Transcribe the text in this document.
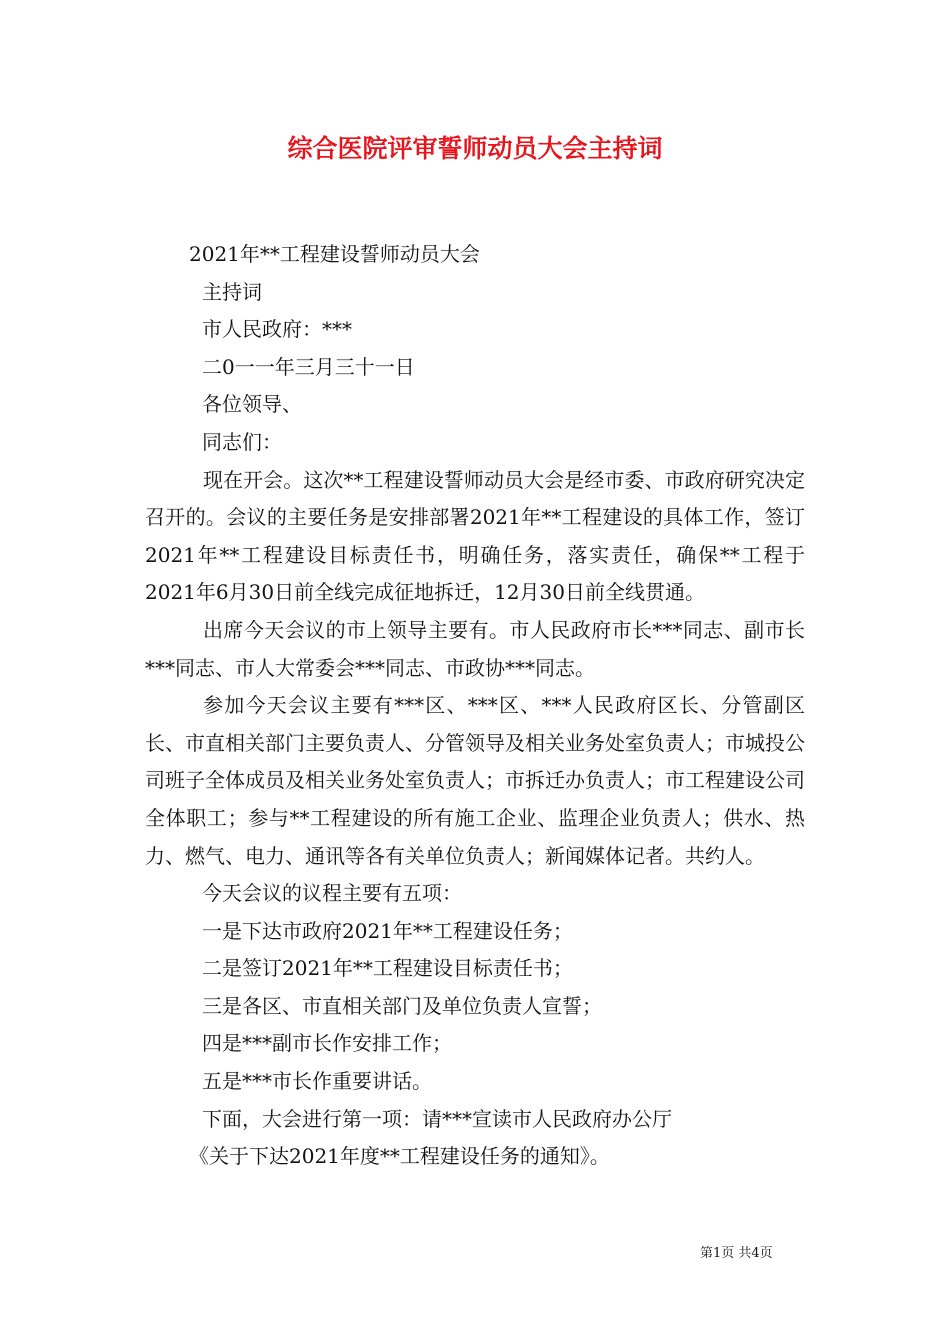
综合医院评审誓师动员大会主持词

2021年**工程建设誓师动员大会

主持词

市人民政府：***

二0一一年三月三十一日

各位领导、

同志们：

现在开会。这次**工程建设誓师动员大会是经市委、市政府研究决定召开的。会议的主要任务是安排部署2021年**工程建设的具体工作，签订2021年**工程建设目标责任书，明确任务，落实责任，确保**工程于2021年6月30日前全线完成征地拆迁，12月30日前全线贯通。

出席今天会议的市上领导主要有。市人民政府市长***同志、副市长***同志、市人大常委会***同志、市政协***同志。

参加今天会议主要有***区、***区、***人民政府区长、分管副区长、市直相关部门主要负责人、分管领导及相关业务处室负责人；市城投公司班子全体成员及相关业务处室负责人；市拆迁办负责人；市工程建设公司全体职工；参与**工程建设的所有施工企业、监理企业负责人；供水、热力、燃气、电力、通讯等各有关单位负责人；新闻媒体记者。共约人。

今天会议的议程主要有五项：

一是下达市政府2021年**工程建设任务；

二是签订2021年**工程建设目标责任书；

三是各区、市直相关部门及单位负责人宣誓；

四是***副市长作安排工作；

五是***市长作重要讲话。

下面，大会进行第一项：请***宣读市人民政府办公厅

《关于下达2021年度**工程建设任务的通知》。

第1页 共4页
